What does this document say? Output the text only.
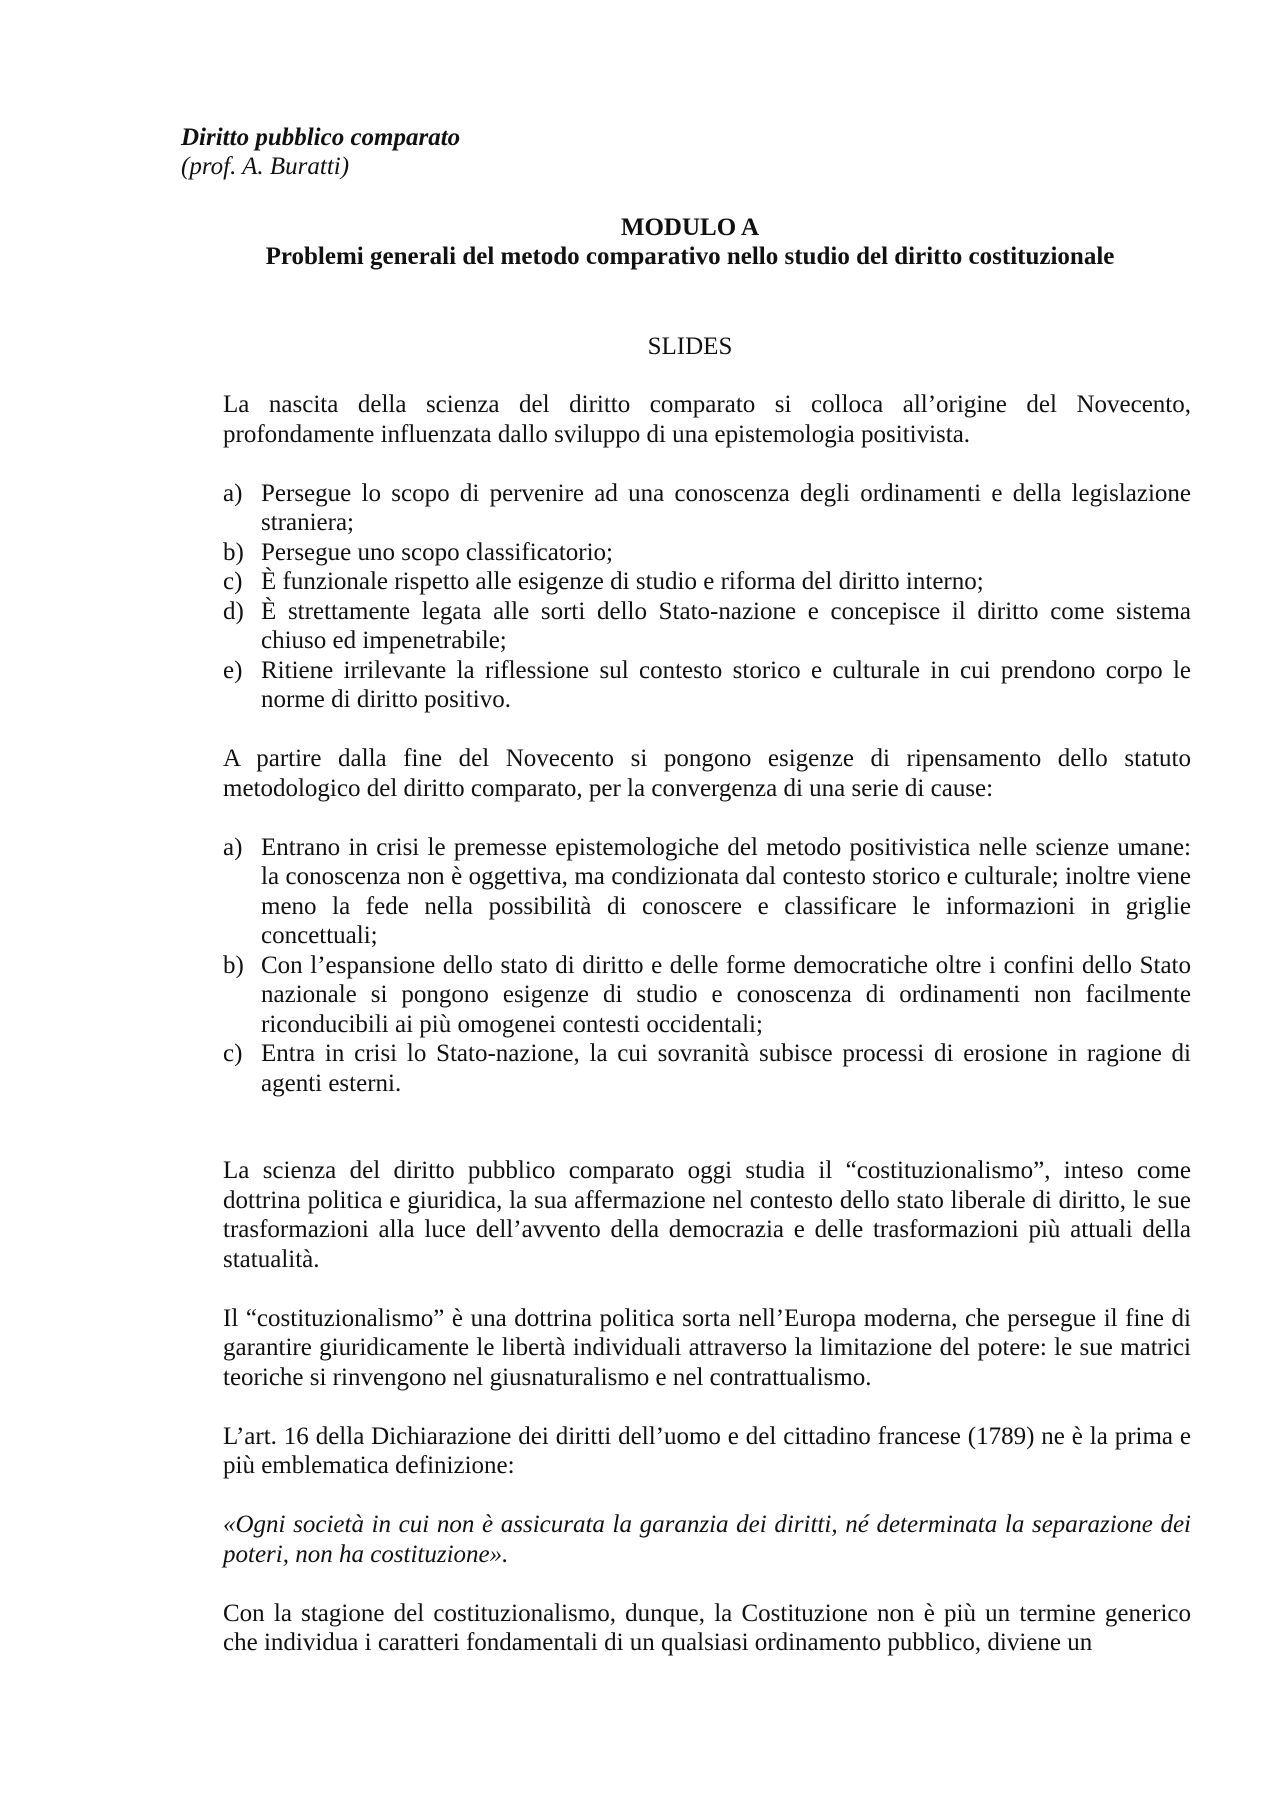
Diritto pubblico comparato
(prof. A. Buratti)
MODULO A
Problemi generali del metodo comparativo nello studio del diritto costituzionale
SLIDES

La nascita della scienza del diritto comparato si colloca all’origine del Novecento, profondamente influenzata dallo sviluppo di una epistemologia positivista.

a) Persegue lo scopo di pervenire ad una conoscenza degli ordinamenti e della legislazione straniera;
b) Persegue uno scopo classificatorio;
c) È funzionale rispetto alle esigenze di studio e riforma del diritto interno;
d) È strettamente legata alle sorti dello Stato-nazione e concepisce il diritto come sistema chiuso ed impenetrabile;
e) Ritiene irrilevante la riflessione sul contesto storico e culturale in cui prendono corpo le norme di diritto positivo.

A partire dalla fine del Novecento si pongono esigenze di ripensamento dello statuto metodologico del diritto comparato, per la convergenza di una serie di cause:

a) Entrano in crisi le premesse epistemologiche del metodo positivistica nelle scienze umane: la conoscenza non è oggettiva, ma condizionata dal contesto storico e culturale; inoltre viene meno la fede nella possibilità di conoscere e classificare le informazioni in griglie concettuali;
b) Con l’espansione dello stato di diritto e delle forme democratiche oltre i confini dello Stato nazionale si pongono esigenze di studio e conoscenza di ordinamenti non facilmente riconducibili ai più omogenei contesti occidentali;
c) Entra in crisi lo Stato-nazione, la cui sovranità subisce processi di erosione in ragione di agenti esterni.

La scienza del diritto pubblico comparato oggi studia il “costituzionalismo”, inteso come dottrina politica e giuridica, la sua affermazione nel contesto dello stato liberale di diritto, le sue trasformazioni alla luce dell’avvento della democrazia e delle trasformazioni più attuali della statualità.

Il “costituzionalismo” è una dottrina politica sorta nell’Europa moderna, che persegue il fine di garantire giuridicamente le libertà individuali attraverso la limitazione del potere: le sue matrici teoriche si rinvengono nel giusnaturalismo e nel contrattualismo.

L’art. 16 della Dichiarazione dei diritti dell’uomo e del cittadino francese (1789) ne è la prima e più emblematica definizione:

«Ogni società in cui non è assicurata la garanzia dei diritti, né determinata la separazione dei poteri, non ha costituzione».

Con la stagione del costituzionalismo, dunque, la Costituzione non è più un termine generico che individua i caratteri fondamentali di un qualsiasi ordinamento pubblico, diviene un
